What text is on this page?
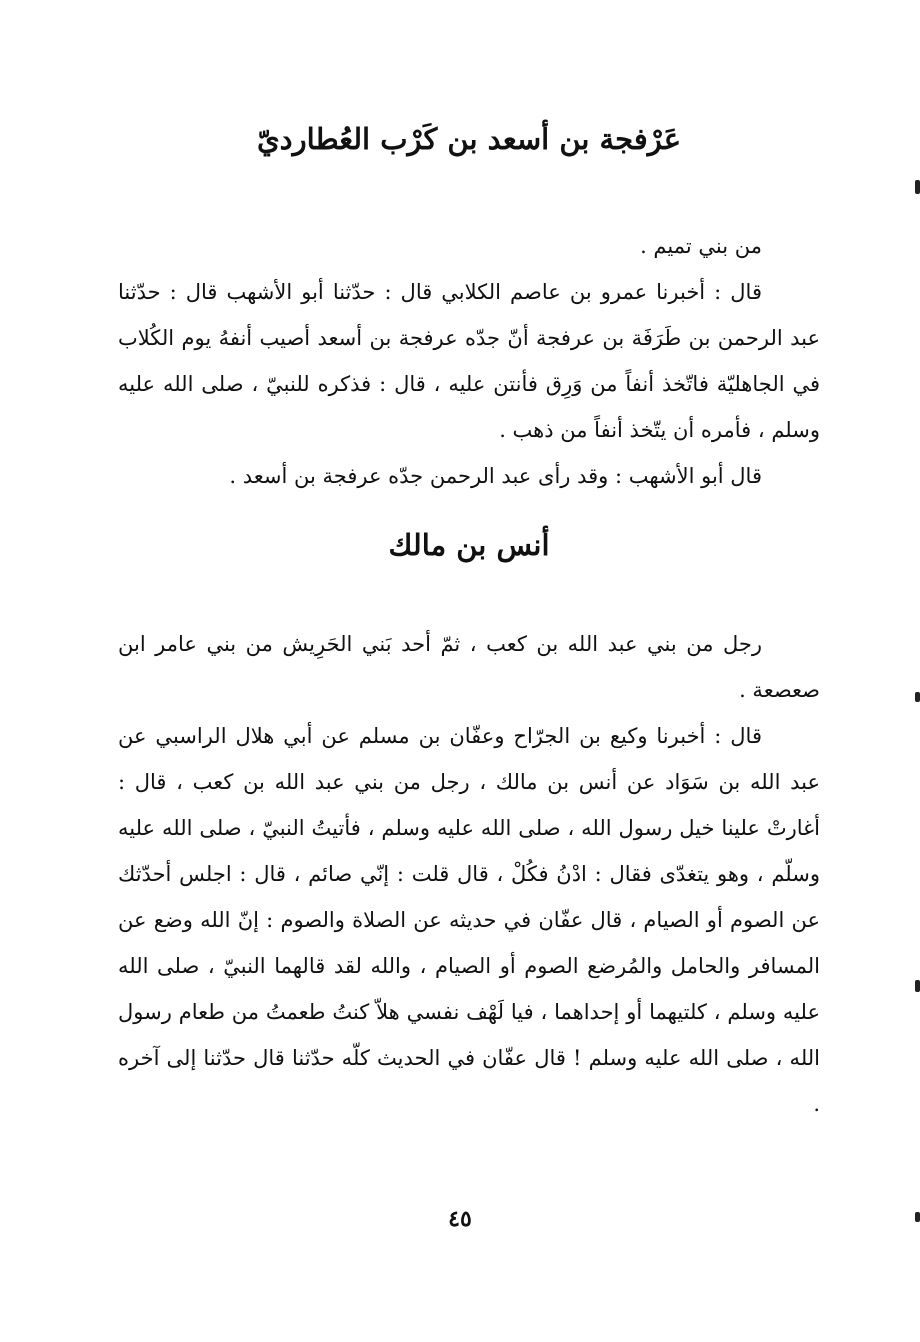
عَرْفجة بن أسعد بن كَرْب العُطارديّ

من بني تميم .

قال : أخبرنا عمرو بن عاصم الكلابي قال : حدّثنا أبو الأشهب قال : حدّثنا عبد الرحمن بن طَرَفَة بن عرفجة أنّ جدّه عرفجة بن أسعد أصيب أنفهُ يوم الكُلاب في الجاهليّة فاتّخذ أنفاً من وَرِق فأنتن عليه ، قال : فذكره للنبيّ ، صلى الله عليه وسلم ، فأمره أن يتّخذ أنفاً من ذهب .

قال أبو الأشهب : وقد رأى عبد الرحمن جدّه عرفجة بن أسعد .

أنس بن مالك

رجل من بني عبد الله بن كعب ، ثمّ أحد بَني الحَرِيش من بني عامر ابن صعصعة .

قال : أخبرنا وكيع بن الجرّاح وعفّان بن مسلم عن أبي هلال الراسبي عن عبد الله بن سَوَاد عن أنس بن مالك ، رجل من بني عبد الله بن كعب ، قال : أغارتْ علينا خيل رسول الله ، صلى الله عليه وسلم ، فأتيتُ النبيّ ، صلى الله عليه وسلّم ، وهو يتغدّى فقال : ادْنُ فكُلْ ، قال قلت : إنّي صائم ، قال : اجلس أحدّثك عن الصوم أو الصيام ، قال عفّان في حديثه عن الصلاة والصوم : إنّ الله وضع عن المسافر والحامل والمُرضع الصوم أو الصيام ، والله لقد قالهما النبيّ ، صلى الله عليه وسلم ، كلتيهما أو إحداهما ، فيا لَهْف نفسي هلاّ كنتُ طعمتُ من طعام رسول الله ، صلى الله عليه وسلم ! قال عفّان في الحديث كلّه حدّثنا قال حدّثنا إلى آخره .

٤٥
